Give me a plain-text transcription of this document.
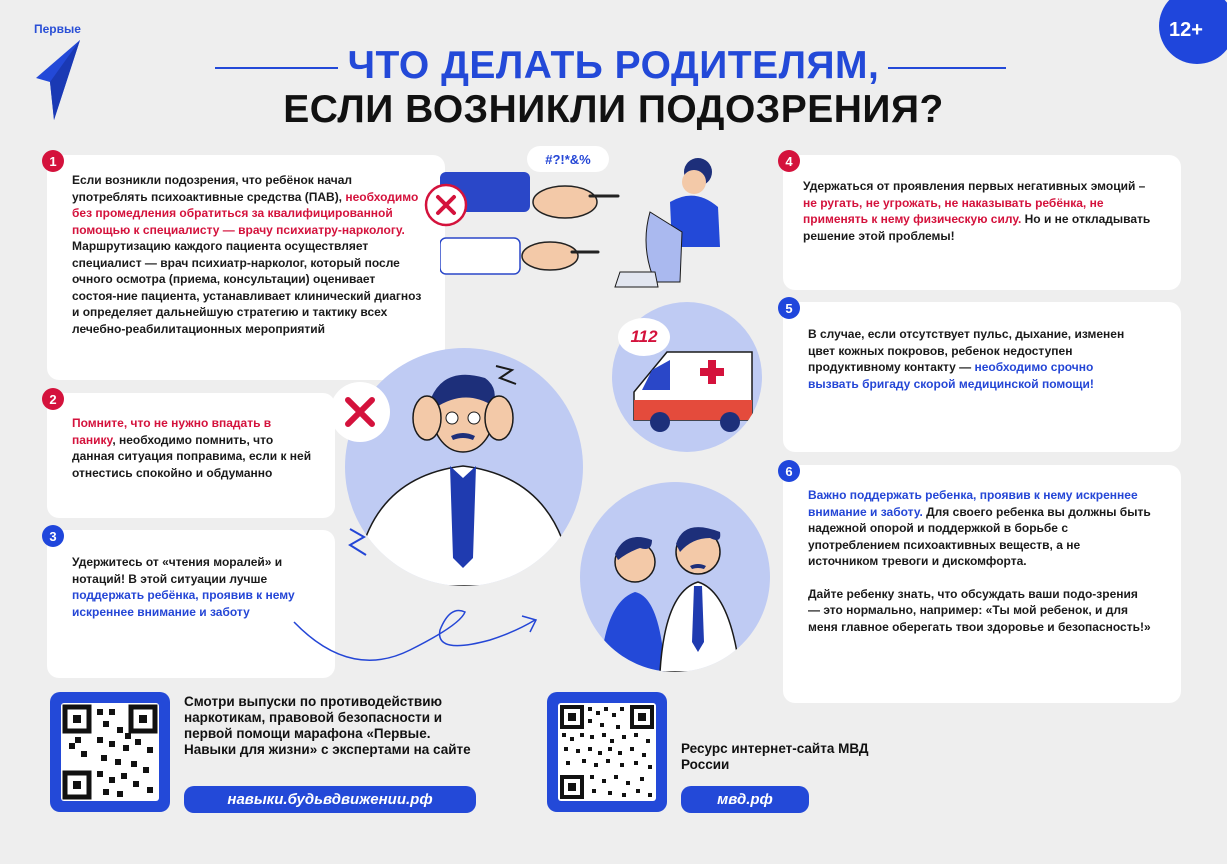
Первые	12+
ЧТО ДЕЛАТЬ РОДИТЕЛЯМ,
ЕСЛИ ВОЗНИКЛИ ПОДОЗРЕНИЯ?

Если возникли подозрения, что ребёнок начал употреблять психоактивные средства (ПАВ), необходимо без промедления обратиться за квалифицированной помощью к специалисту — врачу психиатру-наркологу. Маршрутизацию каждого пациента осуществляет специалист — врач психиатр-нарколог, который после очного осмотра (приема, консультации) оценивает состоя-ние пациента, устанавливает клинический диагноз и определяет дальнейшую стратегию и тактику всех лечебно-реабилитационных мероприятий

1

Помните, что не нужно впадать в панику, необходимо помнить, что данная ситуация поправима, если к ней отнестись спокойно и обдуманно

2

Удержитесь от «чтения моралей» и нотаций! В этой ситуации лучше поддержать ребёнка, проявив к нему искреннее внимание и заботу

3

Удержаться от проявления первых негативных эмоций – не ругать, не угрожать, не наказывать ребёнка, не применять к нему физическую силу. Но и не откладывать решение этой проблемы!

4

В случае, если отсутствует пульс, дыхание, изменен цвет кожных покровов, ребенок недоступен продуктивному контакту — необходимо срочно вызвать бригаду скорой медицинской помощи!

5

Важно поддержать ребенка, проявив к нему искреннее внимание и заботу. Для своего ребенка вы должны быть надежной опорой и поддержкой в борьбе с употреблением психоактивных веществ, а не источником тревоги и дискомфорта.

Дайте ребенку знать, что обсуждать ваши подо-зрения — это нормально, например: «Ты мой ребенок, и для меня главное оберегать твои здоровье и безопасность!»

6
#?!*&%
112
Смотри выпуски по противодействию наркотикам, правовой безопасности и первой помощи марафона «Первые. Навыки для жизни» с экспертами на сайте
навыки.будьвдвижении.рф
Ресурс интернет-сайта МВД России
мвд.рф
